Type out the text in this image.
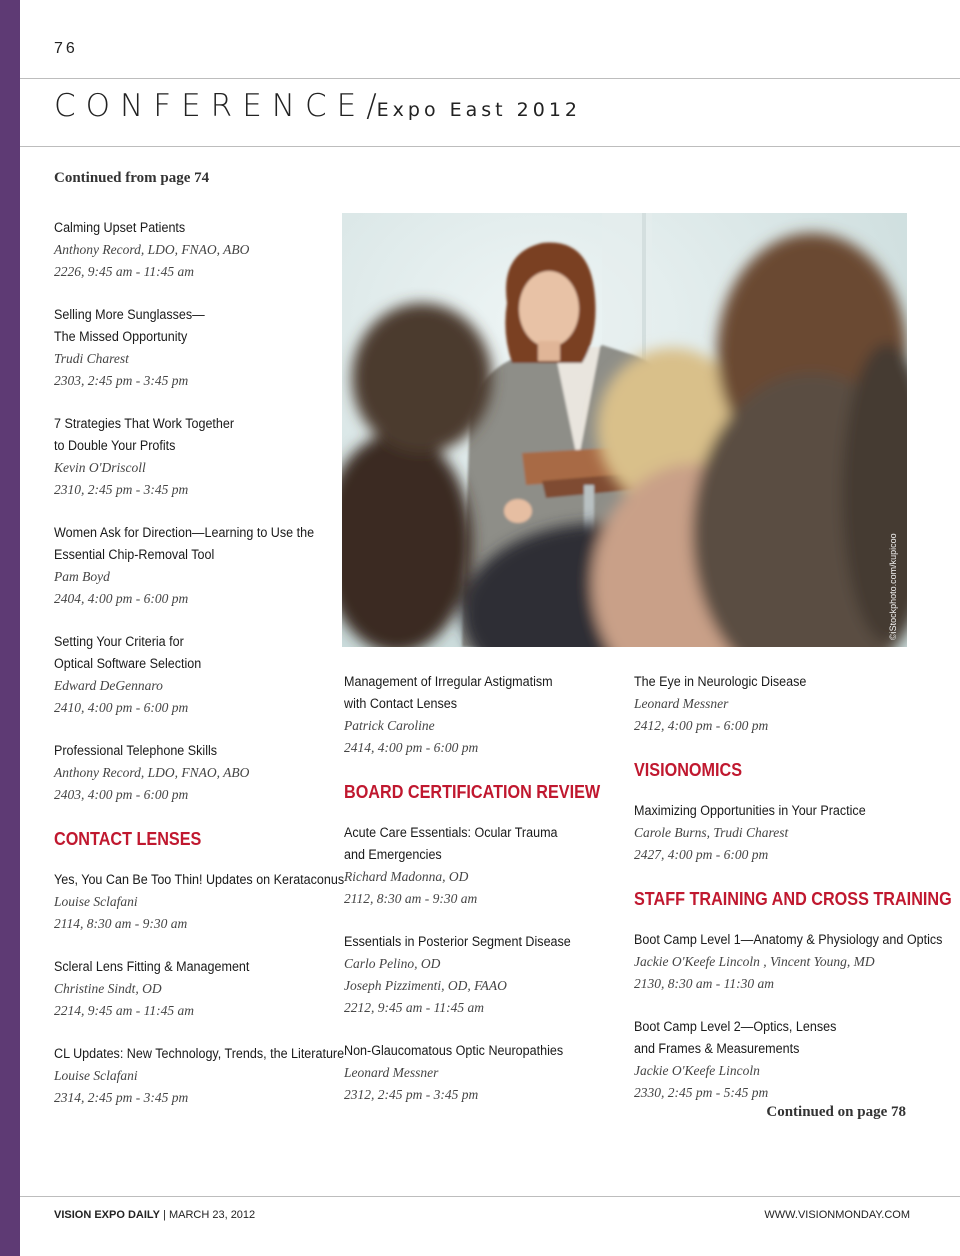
76
CONFERENCE/Expo East 2012
Continued from page 74
Calming Upset Patients
Anthony Record, LDO, FNAO, ABO
2226, 9:45 am - 11:45 am
Selling More Sunglasses—
The Missed Opportunity
Trudi Charest
2303, 2:45 pm - 3:45 pm
7 Strategies That Work Together
to Double Your Profits
Kevin O'Driscoll
2310, 2:45 pm - 3:45 pm
Women Ask for Direction—Learning to Use the
Essential Chip-Removal Tool
Pam Boyd
2404, 4:00 pm - 6:00 pm
Setting Your Criteria for
Optical Software Selection
Edward DeGennaro
2410, 4:00 pm - 6:00 pm
Professional Telephone Skills
Anthony Record, LDO, FNAO, ABO
2403, 4:00 pm - 6:00 pm
CONTACT LENSES
Yes, You Can Be Too Thin! Updates on Kerataconus
Louise Sclafani
2114, 8:30 am - 9:30 am
Scleral Lens Fitting & Management
Christine Sindt, OD
2214, 9:45 am - 11:45 am
CL Updates: New Technology, Trends, the Literature
Louise Sclafani
2314, 2:45 pm - 3:45 pm
©iStockphoto.com/kupicoo
Management of Irregular Astigmatism
with Contact Lenses
Patrick Caroline
2414, 4:00 pm - 6:00 pm
BOARD CERTIFICATION REVIEW
Acute Care Essentials: Ocular Trauma
and Emergencies
Richard Madonna, OD
2112, 8:30 am - 9:30 am
Essentials in Posterior Segment Disease
Carlo Pelino, OD
Joseph Pizzimenti, OD, FAAO
2212, 9:45 am - 11:45 am
Non-Glaucomatous Optic Neuropathies
Leonard Messner
2312, 2:45 pm - 3:45 pm
The Eye in Neurologic Disease
Leonard Messner
2412, 4:00 pm - 6:00 pm
VISIONOMICS
Maximizing Opportunities in Your Practice
Carole Burns, Trudi Charest
2427, 4:00 pm - 6:00 pm
STAFF TRAINING AND CROSS TRAINING
Boot Camp Level 1—Anatomy & Physiology and Optics
Jackie O'Keefe Lincoln , Vincent Young, MD
2130, 8:30 am - 11:30 am
Boot Camp Level 2—Optics, Lenses
and Frames & Measurements
Jackie O'Keefe Lincoln
2330, 2:45 pm - 5:45 pm
Continued on page 78
VISION EXPO DAILY | MARCH 23, 2012	WWW.VISIONMONDAY.COM
